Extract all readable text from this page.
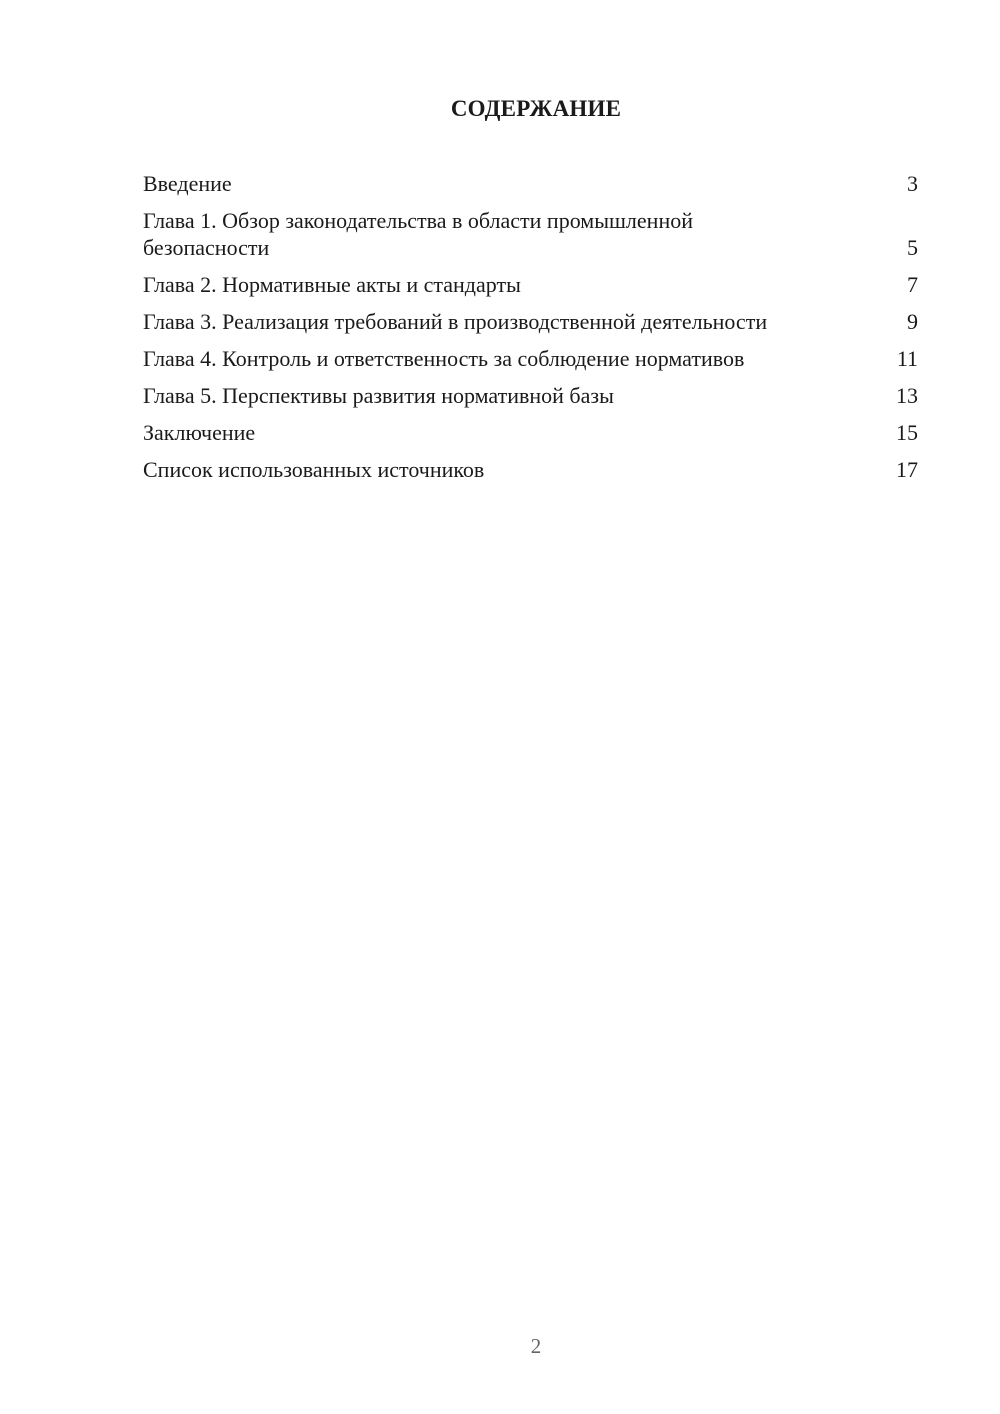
СОДЕРЖАНИЕ
Введение	3
Глава 1. Обзор законодательства в области промышленной безопасности	5
Глава 2. Нормативные акты и стандарты	7
Глава 3. Реализация требований в производственной деятельности	9
Глава 4. Контроль и ответственность за соблюдение нормативов	11
Глава 5. Перспективы развития нормативной базы	13
Заключение	15
Список использованных источников	17
2
